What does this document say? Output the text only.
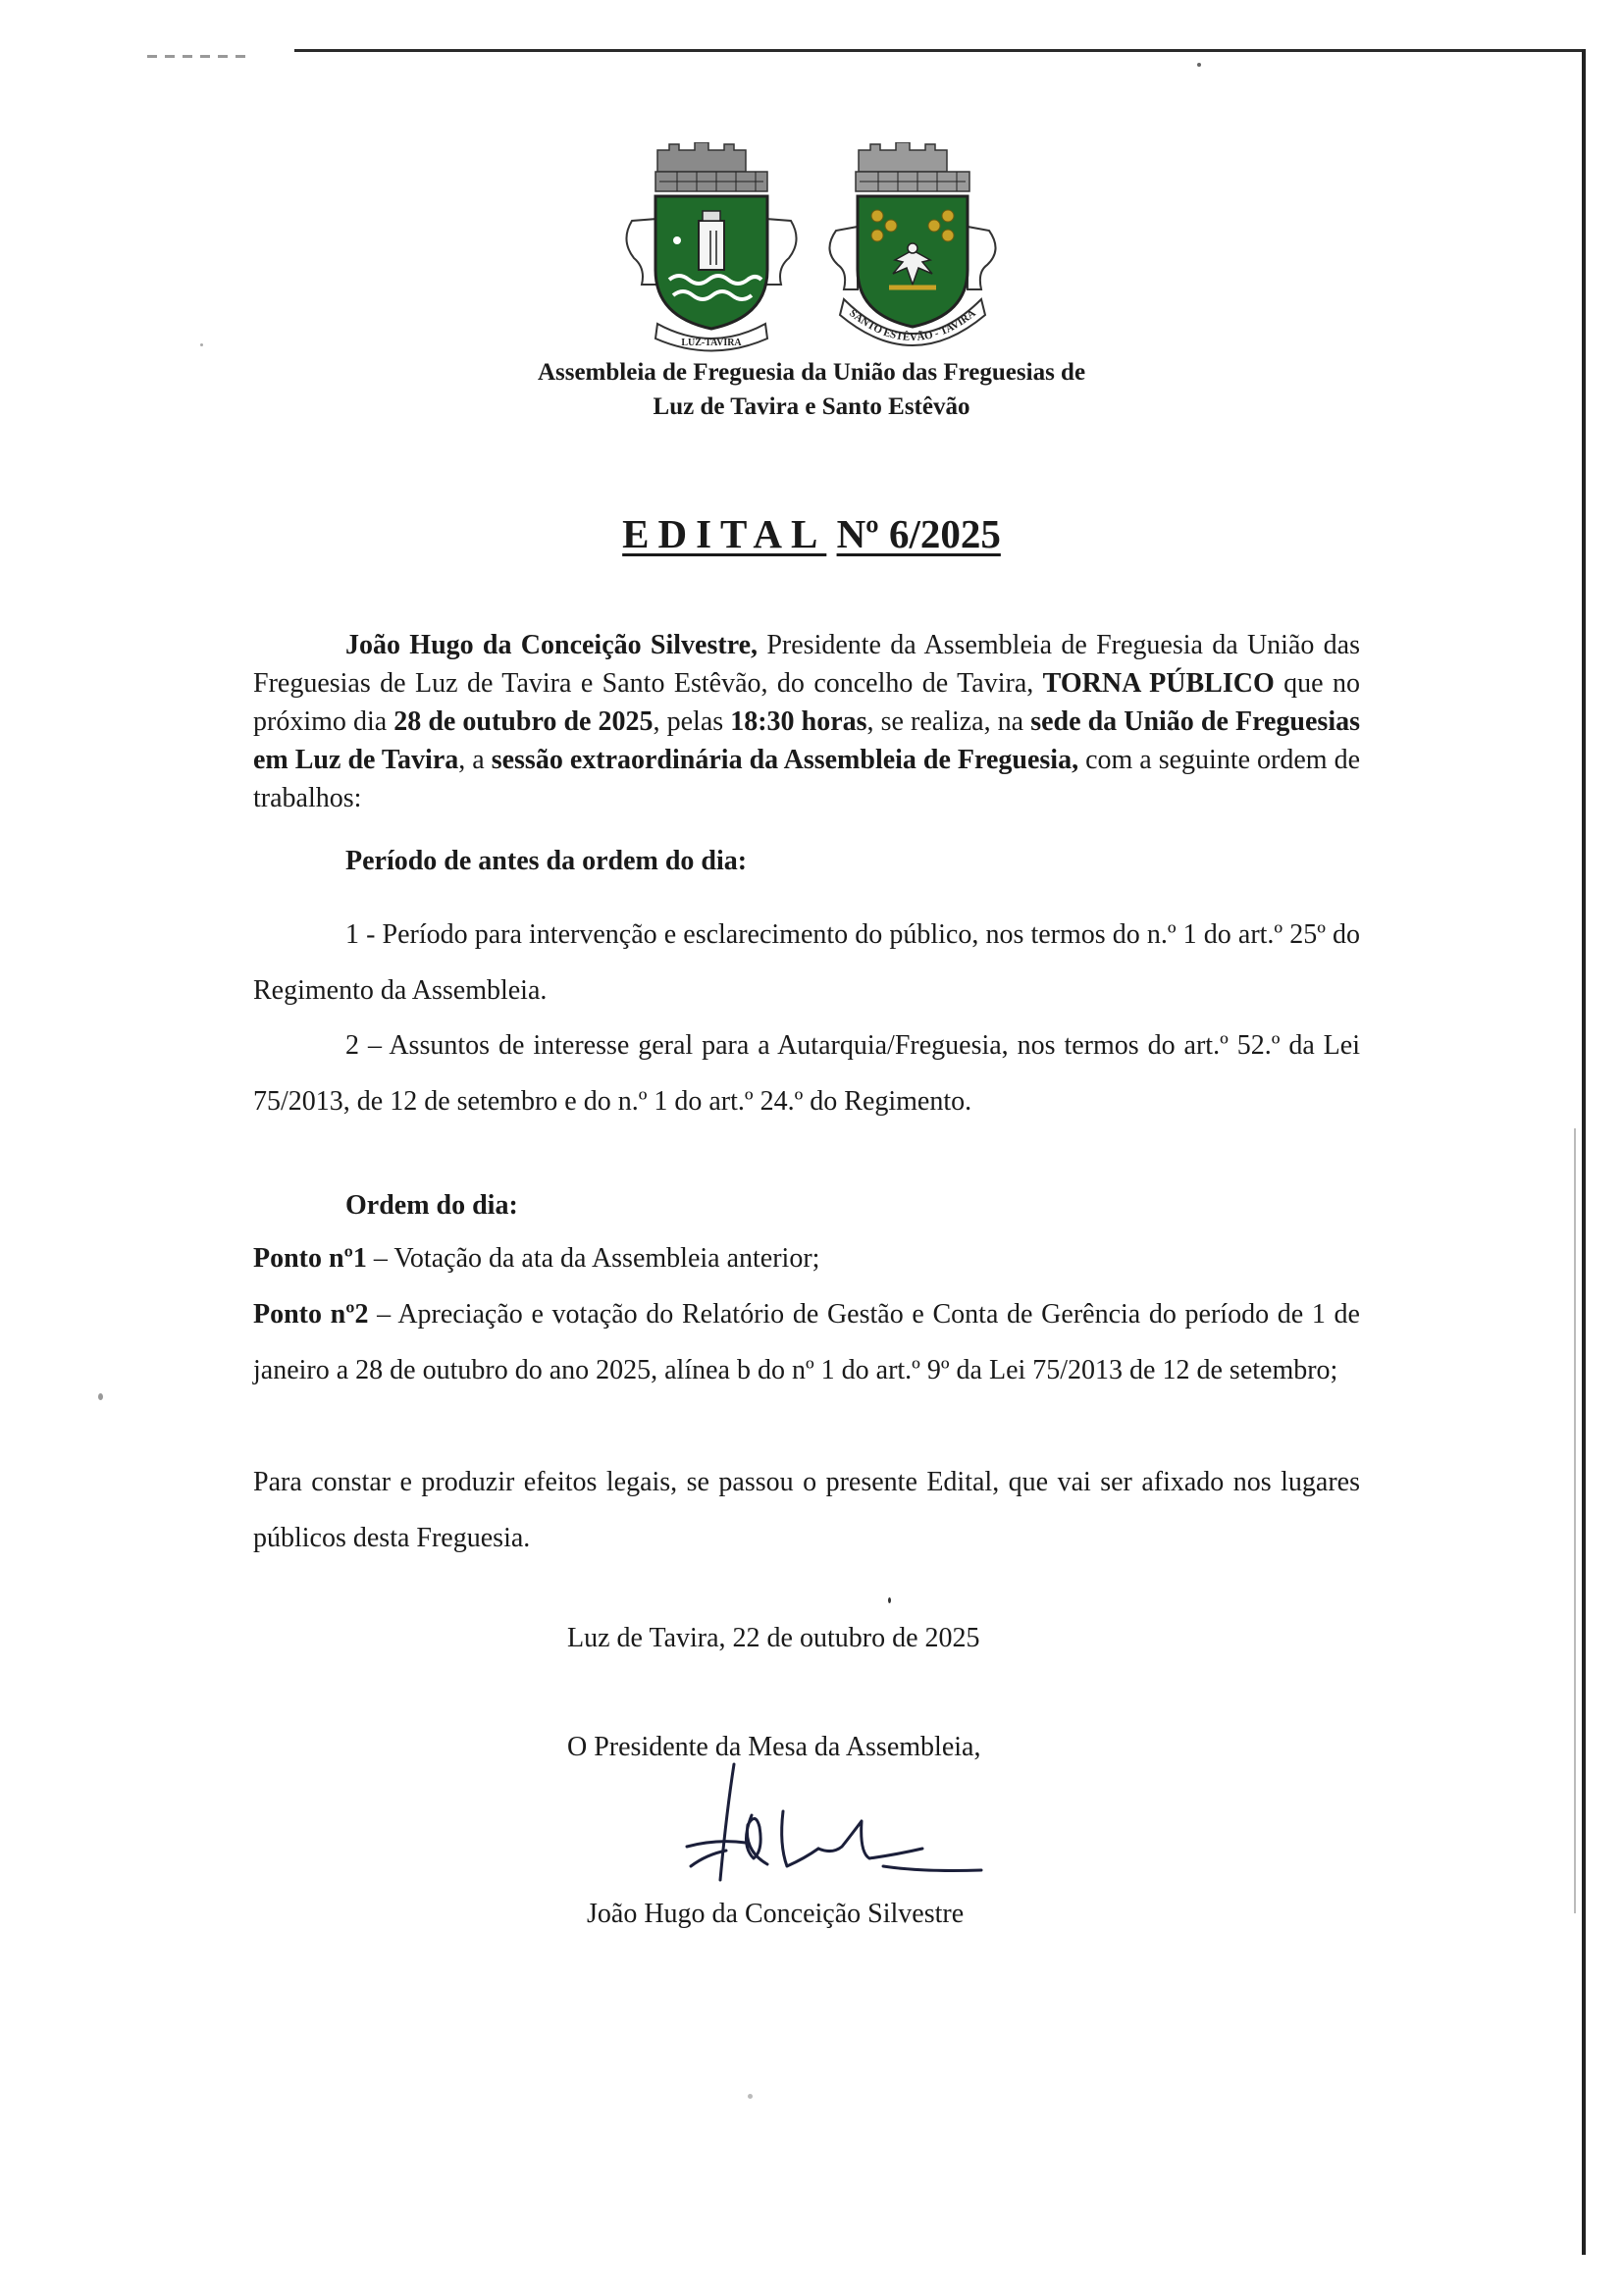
LUZ-TAVIRA
SANTO ESTÊVÃO - TAVIRA
Assembleia de Freguesia da União das Freguesias de
Luz de Tavira e Santo Estêvão
EDITAL Nº 6/2025
João Hugo da Conceição Silvestre, Presidente da Assembleia de Freguesia da União das Freguesias de Luz de Tavira e Santo Estêvão, do concelho de Tavira, TORNA PÚBLICO que no próximo dia 28 de outubro de 2025, pelas 18:30 horas, se realiza, na sede da União de Freguesias em Luz de Tavira, a sessão extraordinária da Assembleia de Freguesia, com a seguinte ordem de trabalhos:
Período de antes da ordem do dia:
1 - Período para intervenção e esclarecimento do público, nos termos do n.º 1 do art.º 25º do Regimento da Assembleia.
2 – Assuntos de interesse geral para a Autarquia/Freguesia, nos termos do art.º 52.º da Lei 75/2013, de 12 de setembro e do n.º 1 do art.º 24.º do Regimento.
Ordem do dia:
Ponto nº1 – Votação da ata da Assembleia anterior;
Ponto nº2 – Apreciação e votação do Relatório de Gestão e Conta de Gerência do período de 1 de janeiro a 28 de outubro do ano 2025, alínea b do nº 1 do art.º 9º da Lei 75/2013 de 12 de setembro;
Para constar e produzir efeitos legais, se passou o presente Edital, que vai ser afixado nos lugares públicos desta Freguesia.
Luz de Tavira, 22 de outubro de 2025
O Presidente da Mesa da Assembleia,
João Hugo da Conceição Silvestre
